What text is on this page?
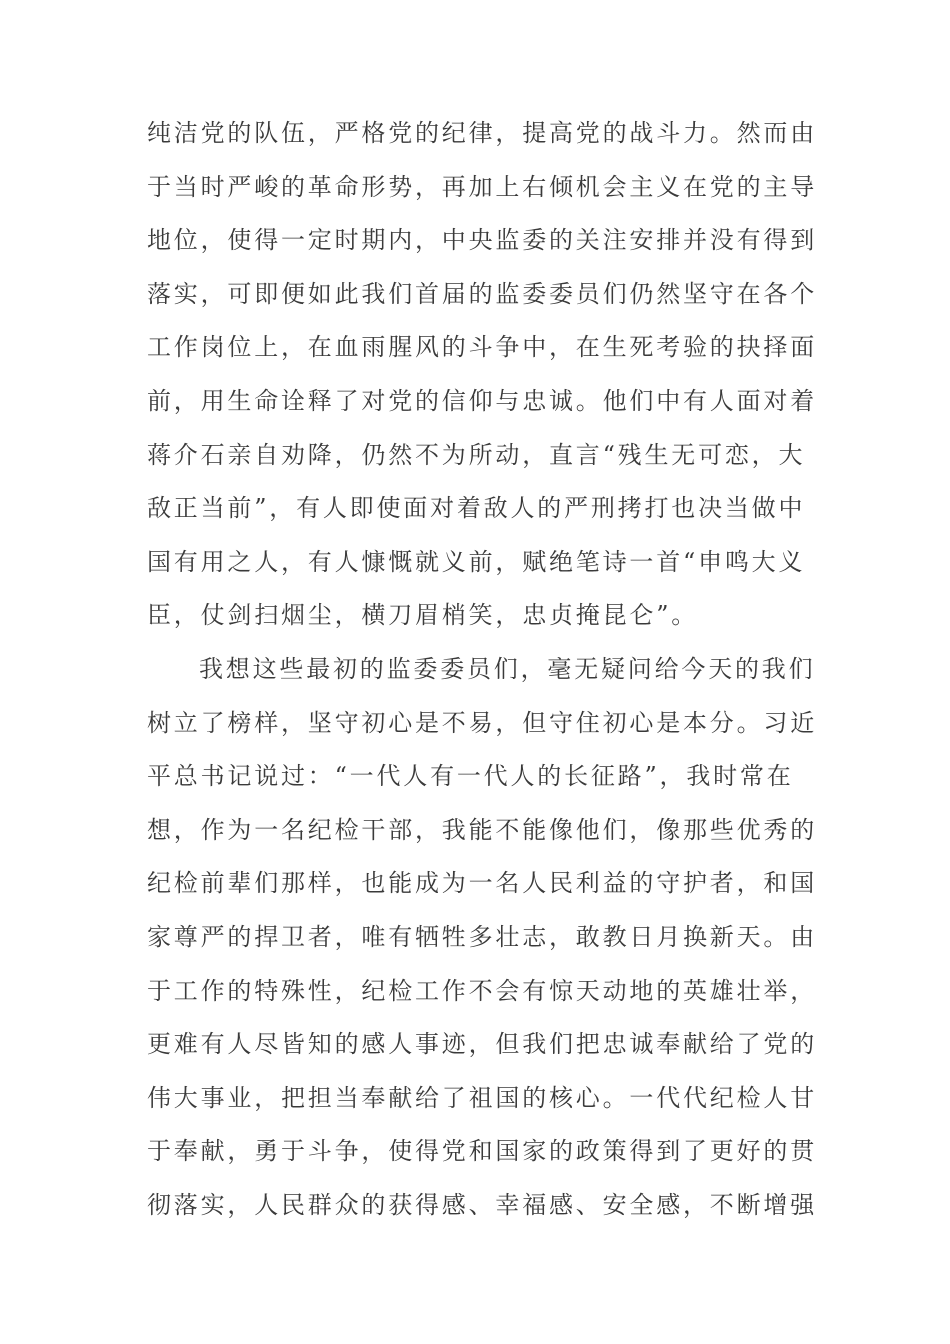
纯洁党的队伍，严格党的纪律，提高党的战斗力。然而由
于当时严峻的革命形势，再加上右倾机会主义在党的主导
地位，使得一定时期内，中央监委的关注安排并没有得到
落实，可即便如此我们首届的监委委员们仍然坚守在各个
工作岗位上，在血雨腥风的斗争中，在生死考验的抉择面
前，用生命诠释了对党的信仰与忠诚。他们中有人面对着
蒋介石亲自劝降，仍然不为所动，直言“残生无可恋，大
敌正当前”，有人即使面对着敌人的严刑拷打也决当做中
国有用之人，有人慷慨就义前，赋绝笔诗一首“申鸣大义
臣，仗剑扫烟尘，横刀眉梢笑，忠贞掩昆仑”。
我想这些最初的监委委员们，毫无疑问给今天的我们
树立了榜样，坚守初心是不易，但守住初心是本分。习近
平总书记说过：“一代人有一代人的长征路”，我时常在
想，作为一名纪检干部，我能不能像他们，像那些优秀的
纪检前辈们那样，也能成为一名人民利益的守护者，和国
家尊严的捍卫者，唯有牺牲多壮志，敢教日月换新天。由
于工作的特殊性，纪检工作不会有惊天动地的英雄壮举，
更难有人尽皆知的感人事迹，但我们把忠诚奉献给了党的
伟大事业，把担当奉献给了祖国的核心。一代代纪检人甘
于奉献，勇于斗争，使得党和国家的政策得到了更好的贯
彻落实，人民群众的获得感、幸福感、安全感，不断增强
